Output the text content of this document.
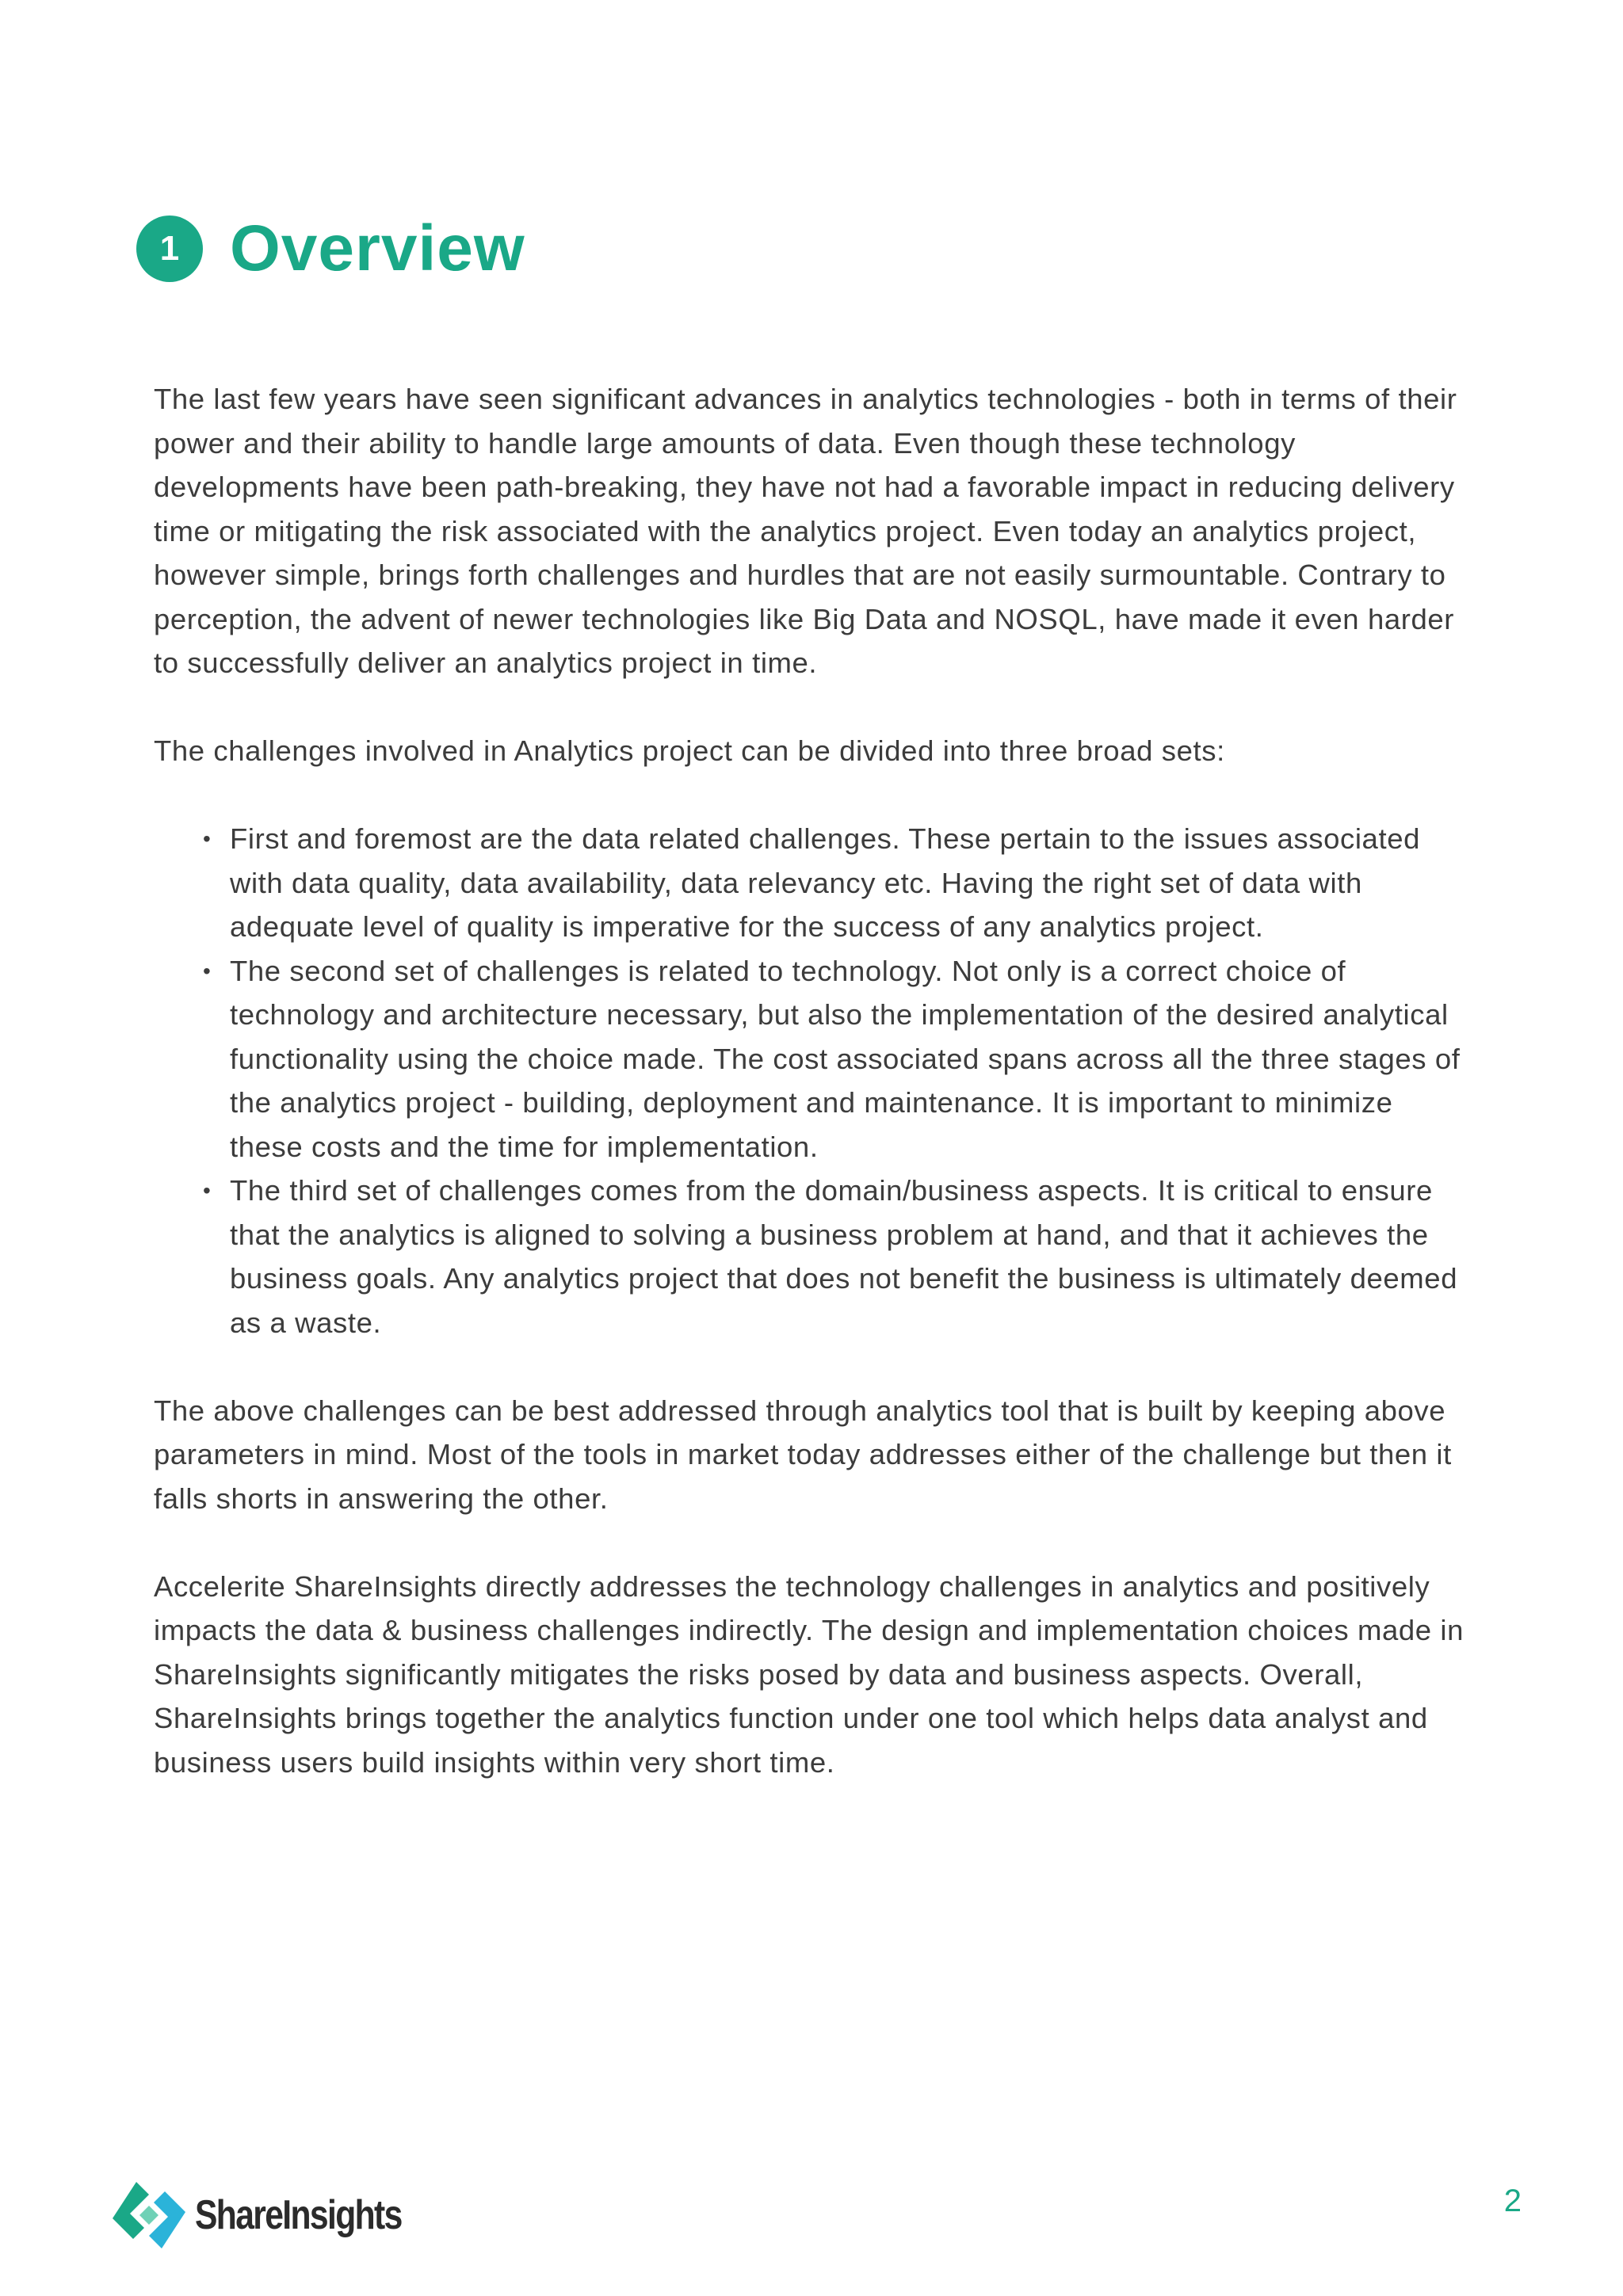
1 Overview

The last few years have seen significant advances in analytics technologies - both in terms of their power and their ability to handle large amounts of data. Even though these technology developments have been path-breaking, they have not had a favorable impact in reducing delivery time or mitigating the risk associated with the analytics project. Even today an analytics project, however simple, brings forth challenges and hurdles that are not easily surmountable. Contrary to perception, the advent of newer technologies like Big Data and NOSQL, have made it even harder to successfully deliver an analytics project in time.

The challenges involved in Analytics project can be divided into three broad sets:

• First and foremost are the data related challenges. These pertain to the issues associated with data quality, data availability, data relevancy etc. Having the right set of data with adequate level of quality is imperative for the success of any analytics project.
• The second set of challenges is related to technology. Not only is a correct choice of technology and architecture necessary, but also the implementation of the desired analytical functionality using the choice made. The cost associated spans across all the three stages of the analytics project - building, deployment and maintenance. It is important to minimize these costs and the time for implementation.
• The third set of challenges comes from the domain/business aspects. It is critical to ensure that the analytics is aligned to solving a business problem at hand, and that it achieves the business goals. Any analytics project that does not benefit the business is ultimately deemed as a waste.

The above challenges can be best addressed through analytics tool that is built by keeping above parameters in mind. Most of the tools in market today addresses either of the challenge but then it falls shorts in answering the other.

Accelerite ShareInsights directly addresses the technology challenges in analytics and positively impacts the data & business challenges indirectly. The design and implementation choices made in ShareInsights significantly mitigates the risks posed by data and business aspects. Overall, ShareInsights brings together the analytics function under one tool which helps data analyst and business users build insights within very short time.

ShareInsights	2
